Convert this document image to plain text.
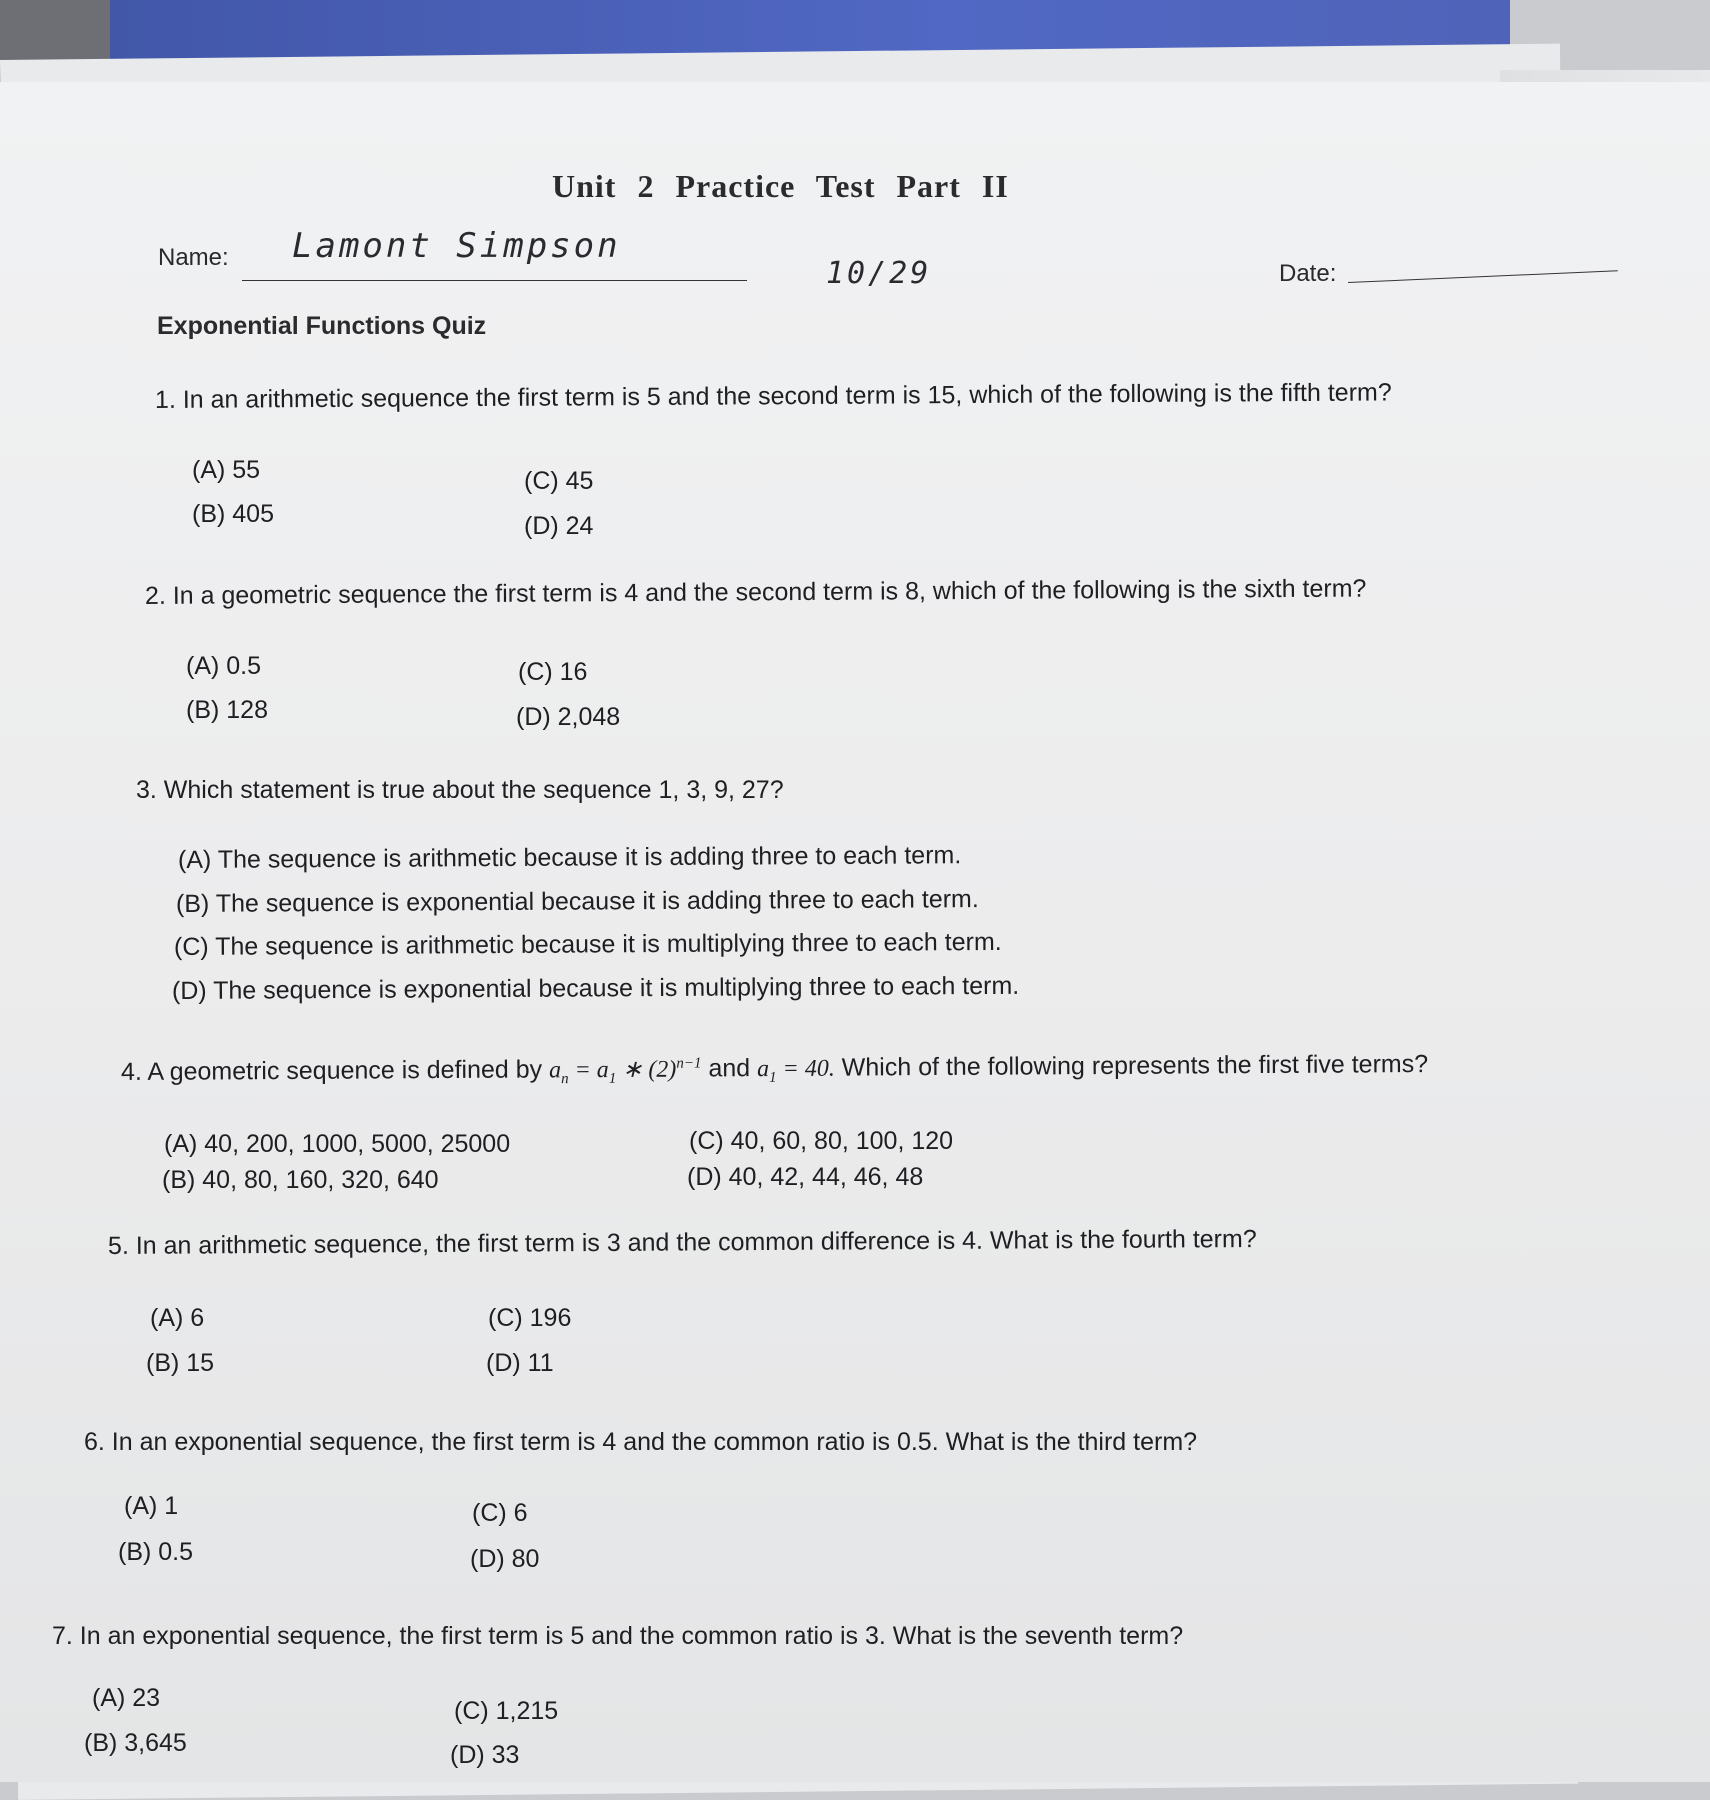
Unit 2 Practice Test Part II
Name: Lamont Simpson
10/29	Date:
Exponential Functions Quiz
1. In an arithmetic sequence the first term is 5 and the second term is 15, which of the following is the fifth term?
(A) 55
(B) 405
(C) 45
(D) 24
2. In a geometric sequence the first term is 4 and the second term is 8, which of the following is the sixth term?
(A) 0.5
(B) 128
(C) 16
(D) 2,048
3. Which statement is true about the sequence 1, 3, 9, 27?
(A) The sequence is arithmetic because it is adding three to each term.
(B) The sequence is exponential because it is adding three to each term.
(C) The sequence is arithmetic because it is multiplying three to each term.
(D) The sequence is exponential because it is multiplying three to each term.
4. A geometric sequence is defined by $a_n = a_1$ ∗ $(2)^{n-1}$ and $a_1 = 40$. Which of the following represents the first five terms?
(A) 40, 200, 1000, 5000, 25000
(B) 40, 80, 160, 320, 640
(C) 40, 60, 80, 100, 120
(D) 40, 42, 44, 46, 48
5. In an arithmetic sequence, the first term is 3 and the common difference is 4. What is the fourth term?
(A) 6
(B) 15
(C) 196
(D) 11
6. In an exponential sequence, the first term is 4 and the common ratio is 0.5. What is the third term?
(A) 1
(B) 0.5
(C) 6
(D) 80
7. In an exponential sequence, the first term is 5 and the common ratio is 3. What is the seventh term?
(A) 23
(B) 3,645
(C) 1,215
(D) 33
